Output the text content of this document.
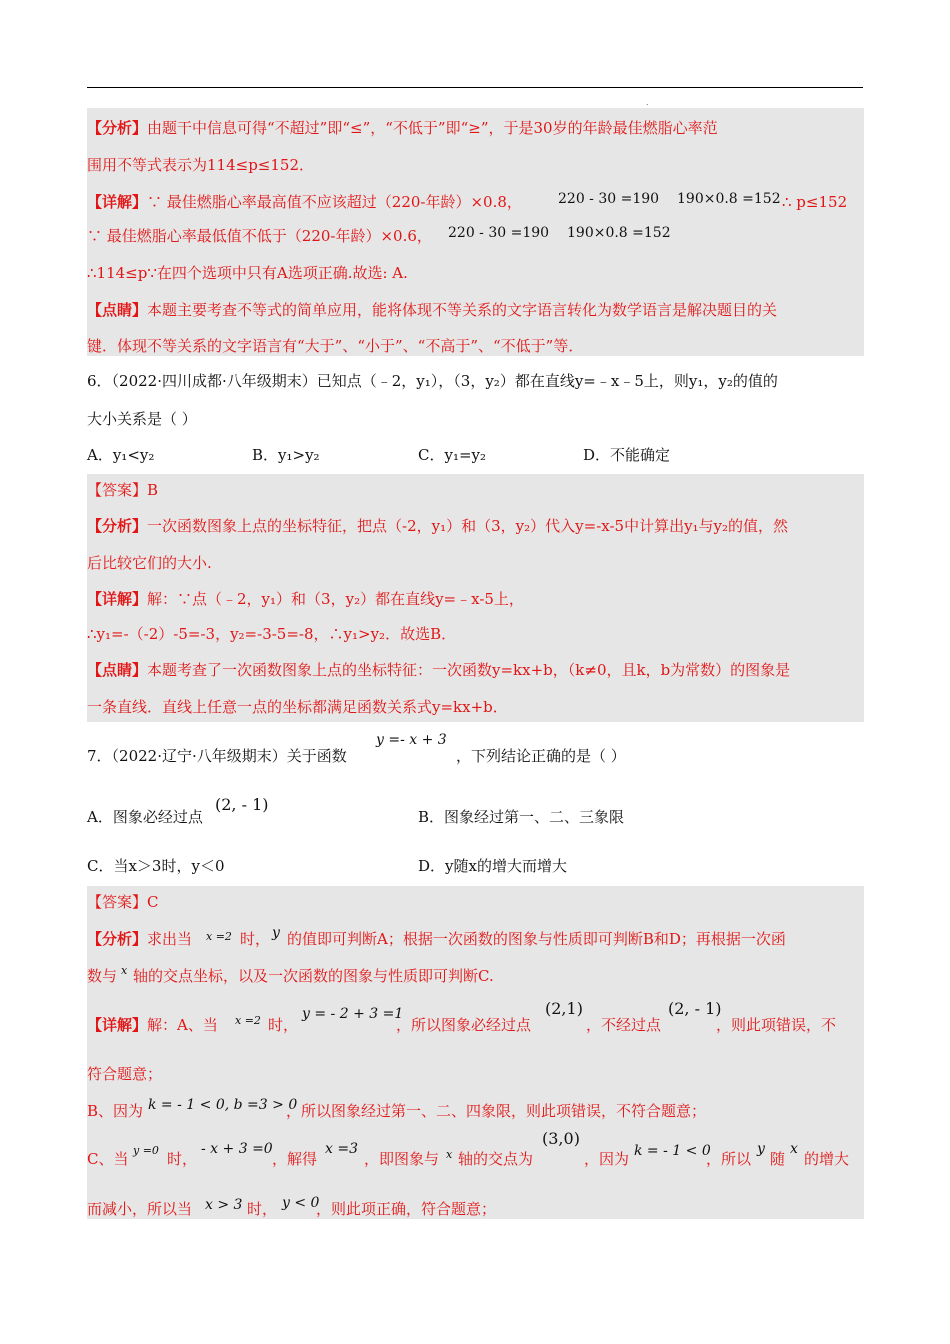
.
【分析】由题干中信息可得“不超过”即“≤”，“不低于”即“≥”，于是30岁的年龄最佳燃脂心率范
围用不等式表示为114≤p≤152．
【详解】∵ 最佳燃脂心率最高值不应该超过（220-年龄）×0.8，	220 - 30 =190 190×0.8 =152 ∴ p≤152
∵ 最佳燃脂心率最低值不低于（220-年龄）×0.6，	220 - 30 =190 190×0.8 =152
∴114≤p∵在四个选项中只有A选项正确.故选: A.
【点睛】本题主要考查不等式的简单应用，能将体现不等关系的文字语言转化为数学语言是解决题目的关
键．体现不等关系的文字语言有“大于”、“小于”、“不高于”、“不低于”等．
6．（2022·四川成都·八年级期末）已知点（﹣2，y₁），（3，y₂）都在直线y=﹣x﹣5上，则y₁，y₂的值的
大小关系是（ ）
A．y₁<y₂	B．y₁>y₂	C．y₁=y₂	D．不能确定
【答案】B
【分析】一次函数图象上点的坐标特征，把点（-2，y₁）和（3，y₂）代入y=-x-5中计算出y₁与y₂的值，然
后比较它们的大小.
【详解】解：∵点（﹣2，y₁）和（3，y₂）都在直线y=﹣x-5上，
∴y₁=-（-2）-5=-3，y₂=-3-5=-8，∴y₁>y₂．故选B．
【点睛】本题考查了一次函数图象上点的坐标特征：一次函数y=kx+b，（k≠0，且k，b为常数）的图象是
一条直线．直线上任意一点的坐标都满足函数关系式y=kx+b．
7．（2022·辽宁·八年级期末）关于函数
y =- x + 3
，下列结论正确的是（ ）
A．图象必经过点
(2, - 1)
B．图象经过第一、二、三象限
C．当x＞3时，y＜0	D．y随x的增大而增大
【答案】C
【分析】求出当 x =2 时， y 的值即可判断A；根据一次函数的图象与性质即可判断B和D；再根据一次函
数与 x 轴的交点坐标，以及一次函数的图象与性质即可判断C.
【详解】解：A、当 x =2 时，
y = - 2 + 3 =1
，所以图象必经过点
(2,1)
，不经过点
(2, - 1)
，则此项错误，不
符合题意；
B、因为 k = - 1 < 0, b =3 > 0
，所以图象经过第一、二、四象限，则此项错误，不符合题意；
C、当 y =0 时，
- x + 3 =0
，解得
x =3
，即图象与 x 轴的交点为
(3,0)
，因为 k = - 1 < 0
，所以
y
随
x
的增大
而减小，所以当 x > 3 时， y < 0
，则此项正确，符合题意；
